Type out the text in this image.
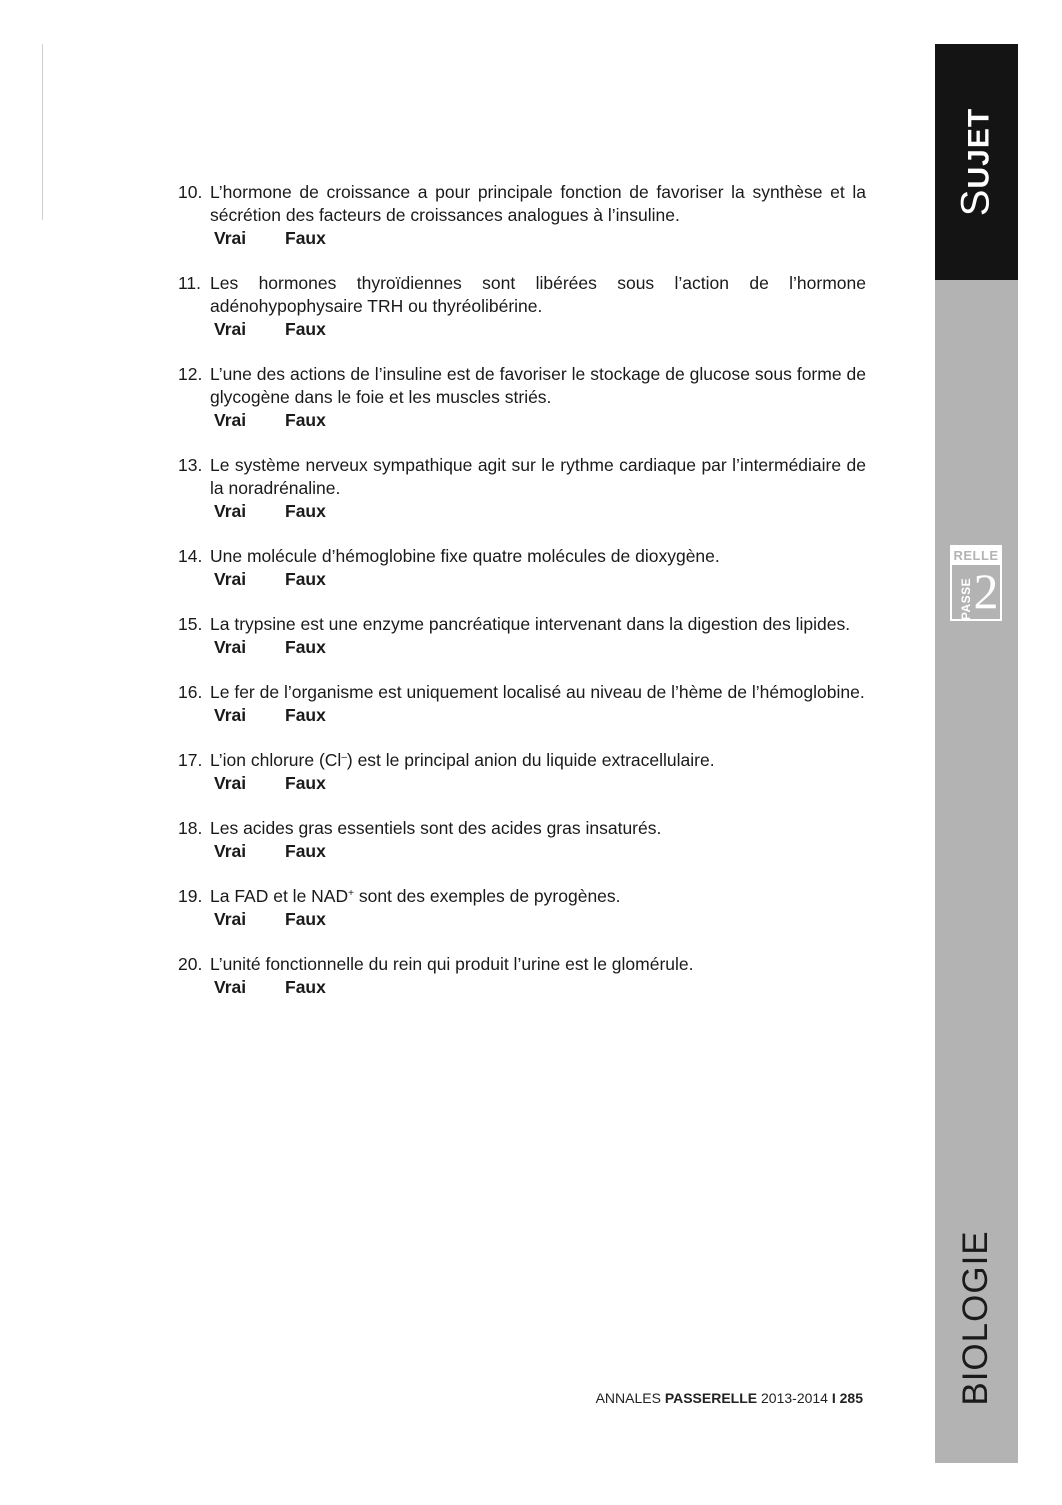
10. L’hormone de croissance a pour principale fonction de favoriser la synthèse et la sécrétion des facteurs de croissances analogues à l’insuline.
Vrai Faux
11. Les hormones thyroïdiennes sont libérées sous l’action de l’hormone adénohypophysaire TRH ou thyréolibérine.
Vrai Faux
12. L’une des actions de l’insuline est de favoriser le stockage de glucose sous forme de glycogène dans le foie et les muscles striés.
Vrai Faux
13. Le système nerveux sympathique agit sur le rythme cardiaque par l’intermédiaire de la noradrénaline.
Vrai Faux
14. Une molécule d’hémoglobine fixe quatre molécules de dioxygène.
Vrai Faux
15. La trypsine est une enzyme pancréatique intervenant dans la digestion des lipides.
Vrai Faux
16. Le fer de l’organisme est uniquement localisé au niveau de l’hème de l’hémoglobine.
Vrai Faux
17. L’ion chlorure (Cl–) est le principal anion du liquide extracellulaire.
Vrai Faux
18. Les acides gras essentiels sont des acides gras insaturés.
Vrai Faux
19. La FAD et le NAD+ sont des exemples de pyrogènes.
Vrai Faux
20. L’unité fonctionnelle du rein qui produit l’urine est le glomérule.
Vrai Faux
ANNALES PASSERELLE 2013-2014 I 285
SUJET
RELLE
PASSE 2
BIOLOGIE
